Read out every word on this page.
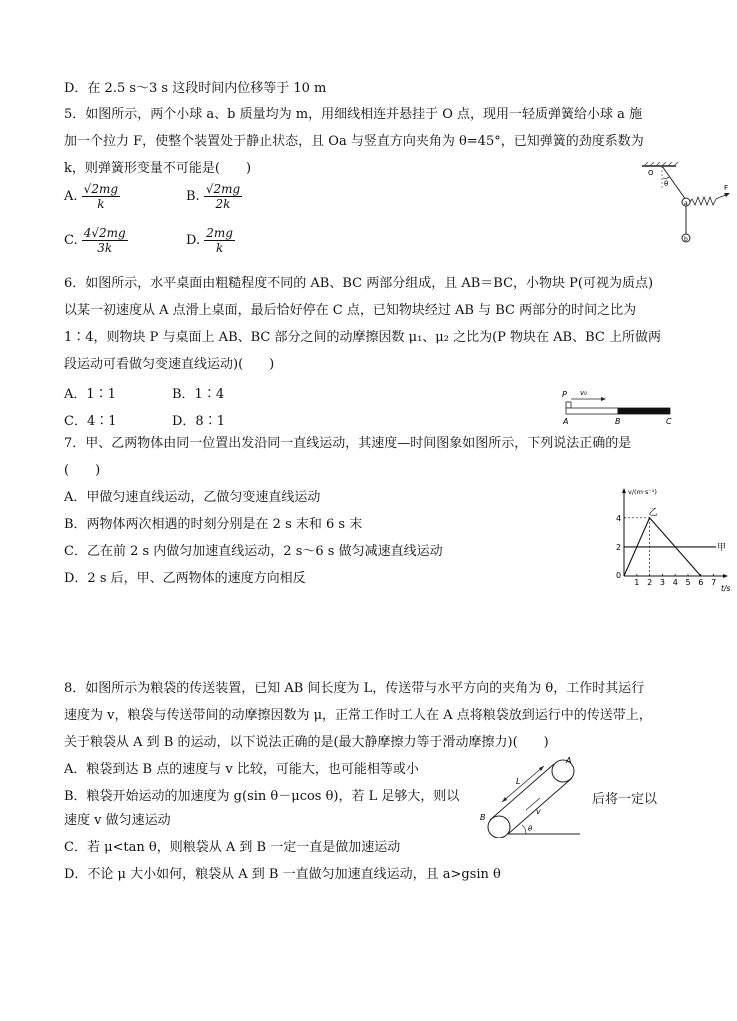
D．在 2.5 s～3 s 这段时间内位移等于 10 m
5．如图所示，两个小球 a、b 质量均为 m，用细线相连并悬挂于 O 点，现用一轻质弹簧给小球 a 施
加一个拉力 F，使整个装置处于静止状态，且 Oa 与竖直方向夹角为 θ=45°，已知弹簧的劲度系数为
k，则弹簧形变量不可能是(　　)
A. $\frac{√2mg}{k}$	B. $\frac{√2mg}{2k}$
C. $\frac{4√2mg}{3k}$	D. $\frac{2mg}{k}$
O
θ
a
F
b
6．如图所示，水平桌面由粗糙程度不同的 AB、BC 两部分组成，且 AB＝BC，小物块 P(可视为质点)
以某一初速度从 A 点滑上桌面，最后恰好停在 C 点，已知物块经过 AB 与 BC 两部分的时间之比为
1∶4，则物块 P 与桌面上 AB、BC 部分之间的动摩擦因数 μ₁、μ₂ 之比为(P 物块在 AB、BC 上所做两
段运动可看做匀变速直线运动)(　　)
A．1∶1	B．1∶4
C．4∶1	D．8∶1
P v₀
A	B	C
7．甲、乙两物体由同一位置出发沿同一直线运动，其速度—时间图象如图所示，下列说法正确的是
(　　)
A．甲做匀速直线运动，乙做匀变速直线运动
B．两物体两次相遇的时刻分别是在 2 s 末和 6 s 末
C．乙在前 2 s 内做匀加速直线运动，2 s～6 s 做匀减速直线运动
D．2 s 后，甲、乙两物体的速度方向相反
v/(m·s⁻¹)
t/s
0
1 2 3 4 5 6 7
2
4
甲
乙
8．如图所示为粮袋的传送装置，已知 AB 间长度为 L，传送带与水平方向的夹角为 θ，工作时其运行
速度为 v，粮袋与传送带间的动摩擦因数为 μ，正常工作时工人在 A 点将粮袋放到运行中的传送带上，
关于粮袋从 A 到 B 的运动，以下说法正确的是(最大静摩擦力等于滑动摩擦力)(　　)
A．粮袋到达 B 点的速度与 v 比较，可能大，也可能相等或小
B．粮袋开始运动的加速度为 g(sin θ－μcos θ)，若 L 足够大，则以	后将一定以
速度 v 做匀速运动
C．若 μ<tan θ，则粮袋从 A 到 B 一定一直是做加速运动
D．不论 μ 大小如何，粮袋从 A 到 B 一直做匀加速直线运动，且 a>gsin θ
L
v
A
B
θ
